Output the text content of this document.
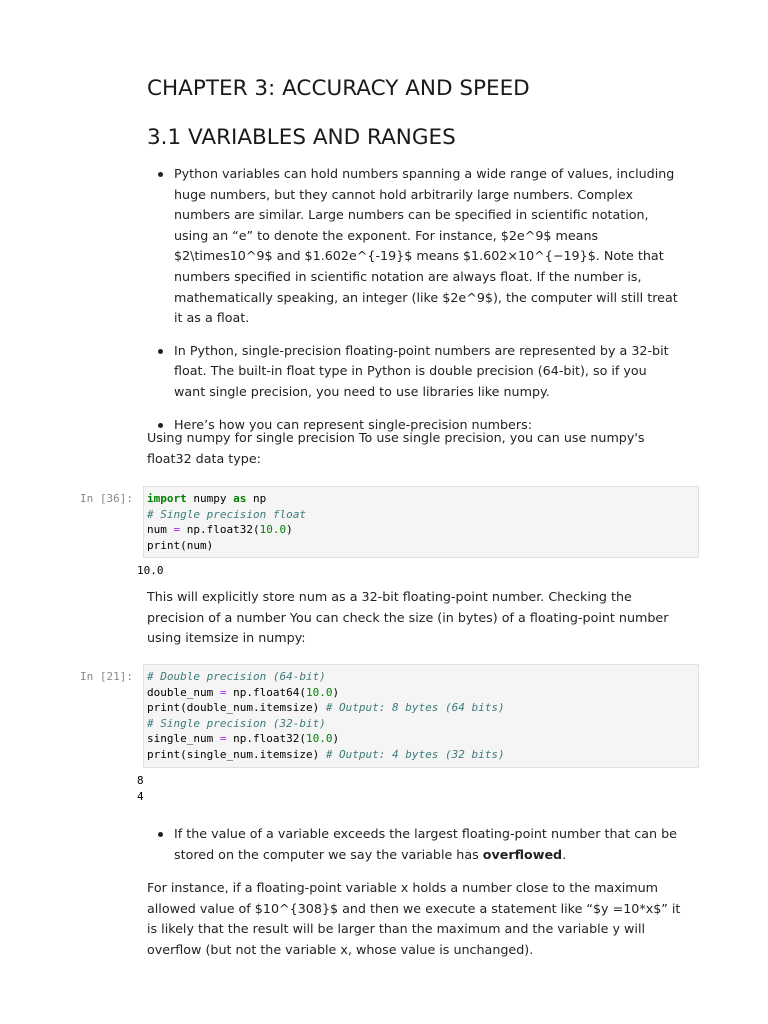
CHAPTER 3: ACCURACY AND SPEED
3.1 VARIABLES AND RANGES
Python variables can hold numbers spanning a wide range of values, including huge numbers, but they cannot hold arbitrarily large numbers. Complex numbers are similar. Large numbers can be specified in scientific notation, using an “e” to denote the exponent. For instance, $2e^9$ means $2\times10^9$ and $1.602e^{-19}$ means $1.602×10^{−19}$. Note that numbers specified in scientific notation are always float. If the number is, mathematically speaking, an integer (like $2e^9$), the computer will still treat it as a float.
In Python, single-precision floating-point numbers are represented by a 32-bit float. The built-in float type in Python is double precision (64-bit), so if you want single precision, you need to use libraries like numpy.
Here’s how you can represent single-precision numbers:

Using numpy for single precision To use single precision, you can use numpy's float32 data type:

In [36]:	import numpy as np
# Single precision float
num = np.float32(10.0)
print(num)
10.0

This will explicitly store num as a 32-bit floating-point number. Checking the precision of a number You can check the size (in bytes) of a floating-point number using itemsize in numpy:

In [21]:	# Double precision (64-bit)
double_num = np.float64(10.0)
print(double_num.itemsize) # Output: 8 bytes (64 bits)
# Single precision (32-bit)
single_num = np.float32(10.0)
print(single_num.itemsize) # Output: 4 bytes (32 bits)
8
4
If the value of a variable exceeds the largest floating-point number that can be stored on the computer we say the variable has overflowed.

For instance, if a floating-point variable x holds a number close to the maximum allowed value of $10^{308}$ and then we execute a statement like “$y =10*x$” it is likely that the result will be larger than the maximum and the variable y will overflow (but not the variable x, whose value is unchanged).
